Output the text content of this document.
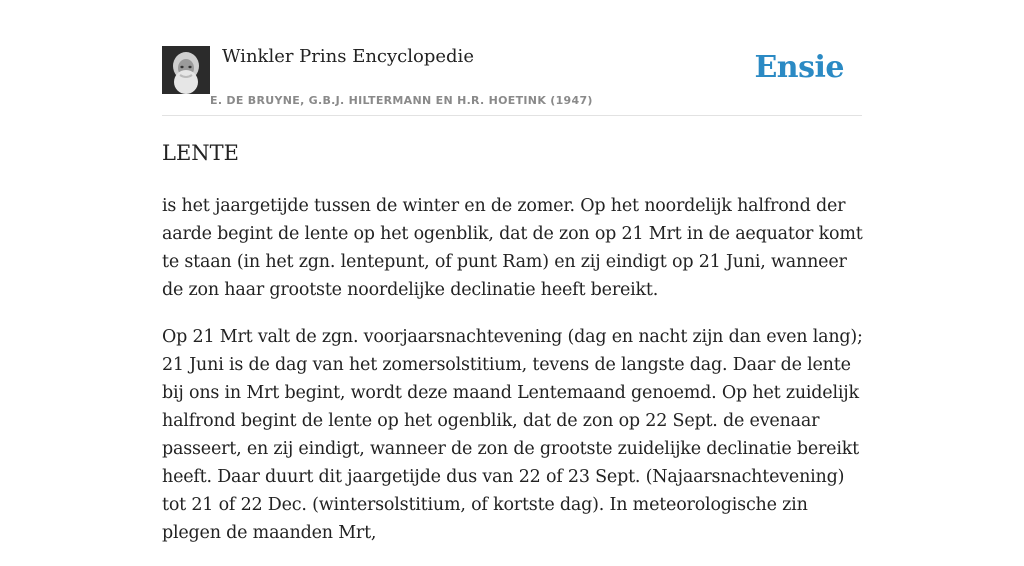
Winkler Prins Encyclopedie
E. DE BRUYNE, G.B.J. HILTERMANN EN H.R. HOETINK (1947)
Ensie
LENTE

is het jaargetijde tussen de winter en de zomer. Op het noordelijk halfrond der aarde begint de lente op het ogenblik, dat de zon op 21 Mrt in de aequator komt te staan (in het zgn. lentepunt, of punt Ram) en zij eindigt op 21 Juni, wanneer de zon haar grootste noordelijke declinatie heeft bereikt.

Op 21 Mrt valt de zgn. voorjaarsnachtevening (dag en nacht zijn dan even lang); 21 Juni is de dag van het zomersolstitium, tevens de langste dag. Daar de lente bij ons in Mrt begint, wordt deze maand Lentemaand genoemd. Op het zuidelijk halfrond begint de lente op het ogenblik, dat de zon op 22 Sept. de evenaar passeert, en zij eindigt, wanneer de zon de grootste zuidelijke declinatie bereikt heeft. Daar duurt dit jaargetijde dus van 22 of 23 Sept. (Najaarsnachtevening) tot 21 of 22 Dec. (wintersolstitium, of kortste dag). In meteorologische zin plegen de maanden Mrt,
